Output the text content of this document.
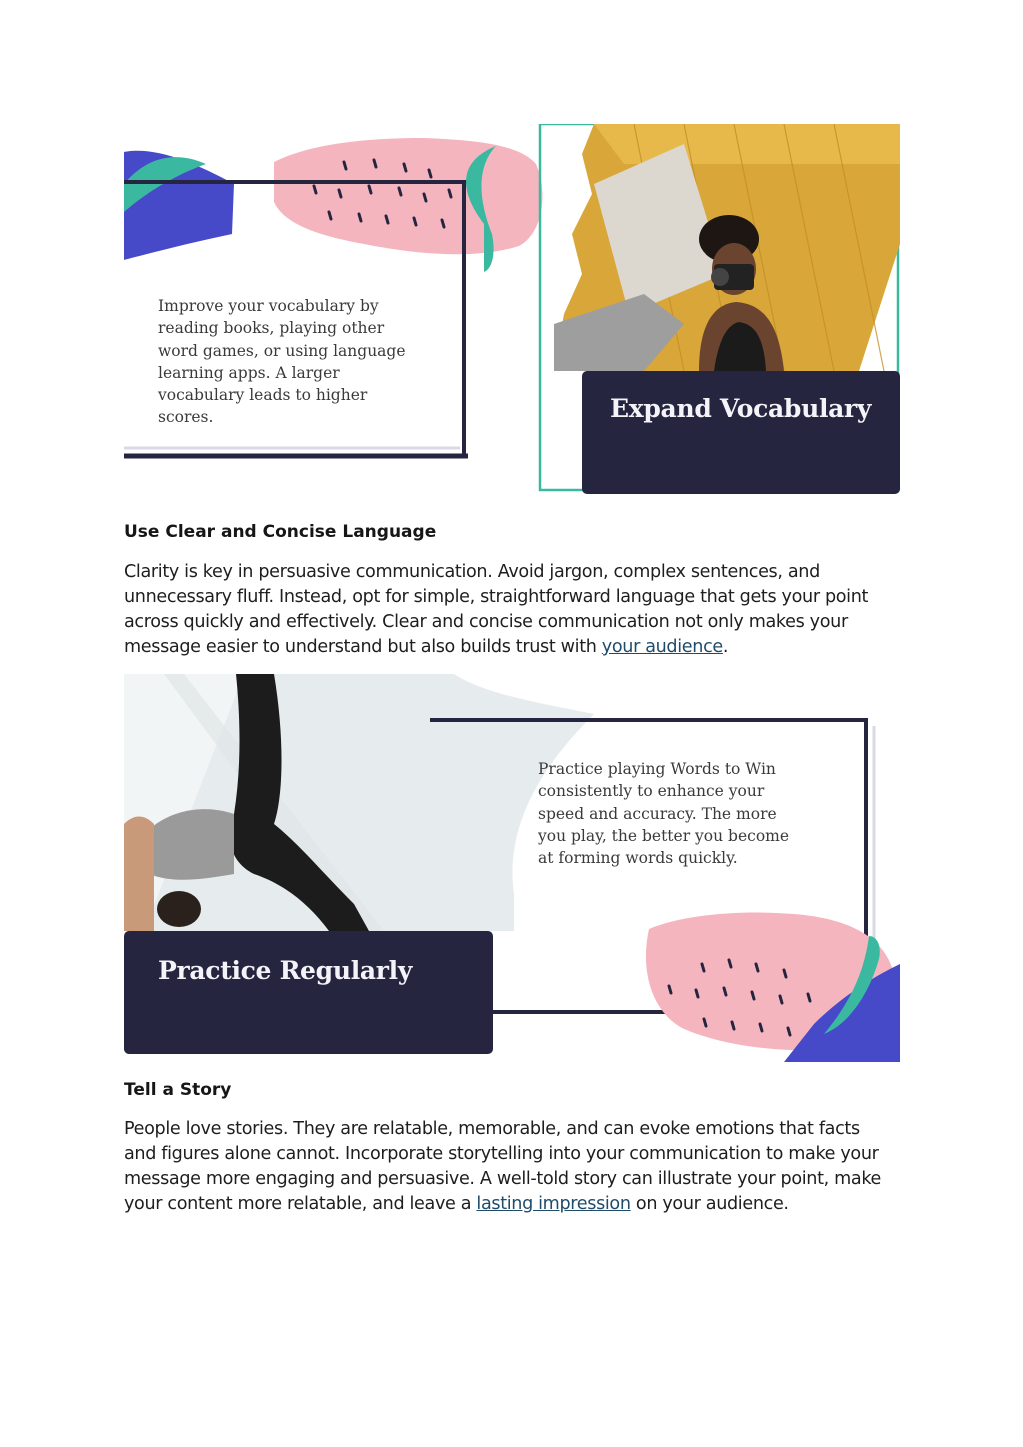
Improve your vocabulary by reading books, playing other word games, or using language learning apps. A larger vocabulary leads to higher scores.	Expand Vocabulary
Use Clear and Concise Language

Clarity is key in persuasive communication. Avoid jargon, complex sentences, and unnecessary fluff. Instead, opt for simple, straightforward language that gets your point across quickly and effectively. Clear and concise communication not only makes your message easier to understand but also builds trust with your audience.

Practice playing Words to Win consistently to enhance your speed and accuracy. The more you play, the better you become at forming words quickly.

Practice Regularly
Tell a Story

People love stories. They are relatable, memorable, and can evoke emotions that facts and figures alone cannot. Incorporate storytelling into your communication to make your message more engaging and persuasive. A well-told story can illustrate your point, make your content more relatable, and leave a lasting impression on your audience.
